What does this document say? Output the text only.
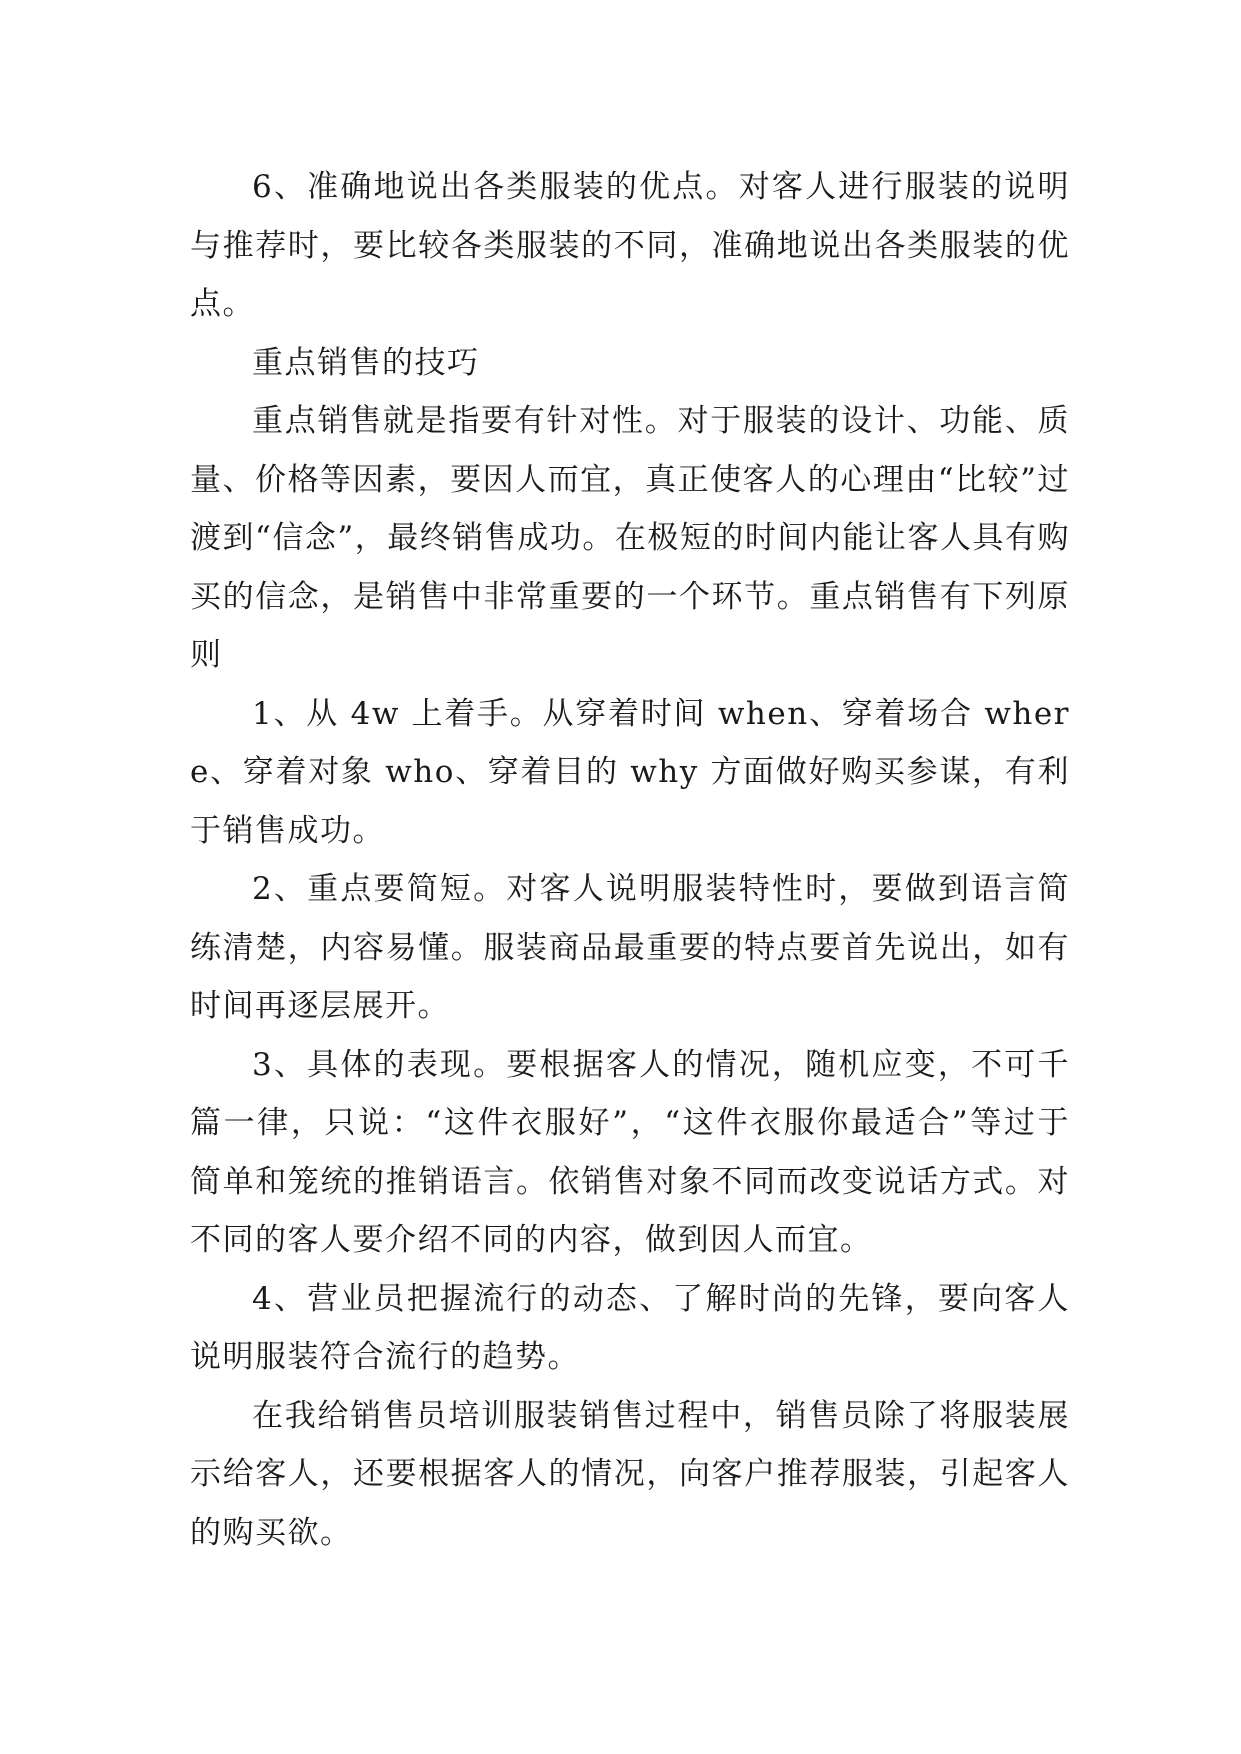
6、准确地说出各类服装的优点。对客人进行服装的说明与推荐时，要比较各类服装的不同，准确地说出各类服装的优点。

重点销售的技巧

重点销售就是指要有针对性。对于服装的设计、功能、质量、价格等因素，要因人而宜，真正使客人的心理由“比较”过渡到“信念”，最终销售成功。在极短的时间内能让客人具有购买的信念，是销售中非常重要的一个环节。重点销售有下列原则

1、从 4w 上着手。从穿着时间 when、穿着场合 where、穿着对象 who、穿着目的 why 方面做好购买参谋，有利于销售成功。

2、重点要简短。对客人说明服装特性时，要做到语言简练清楚，内容易懂。服装商品最重要的特点要首先说出，如有时间再逐层展开。

3、具体的表现。要根据客人的情况，随机应变，不可千篇一律，只说：“这件衣服好”，“这件衣服你最适合”等过于简单和笼统的推销语言。依销售对象不同而改变说话方式。对不同的客人要介绍不同的内容，做到因人而宜。

4、营业员把握流行的动态、了解时尚的先锋，要向客人说明服装符合流行的趋势。

在我给销售员培训服装销售过程中，销售员除了将服装展示给客人，还要根据客人的情况，向客户推荐服装，引起客人的购买欲。
